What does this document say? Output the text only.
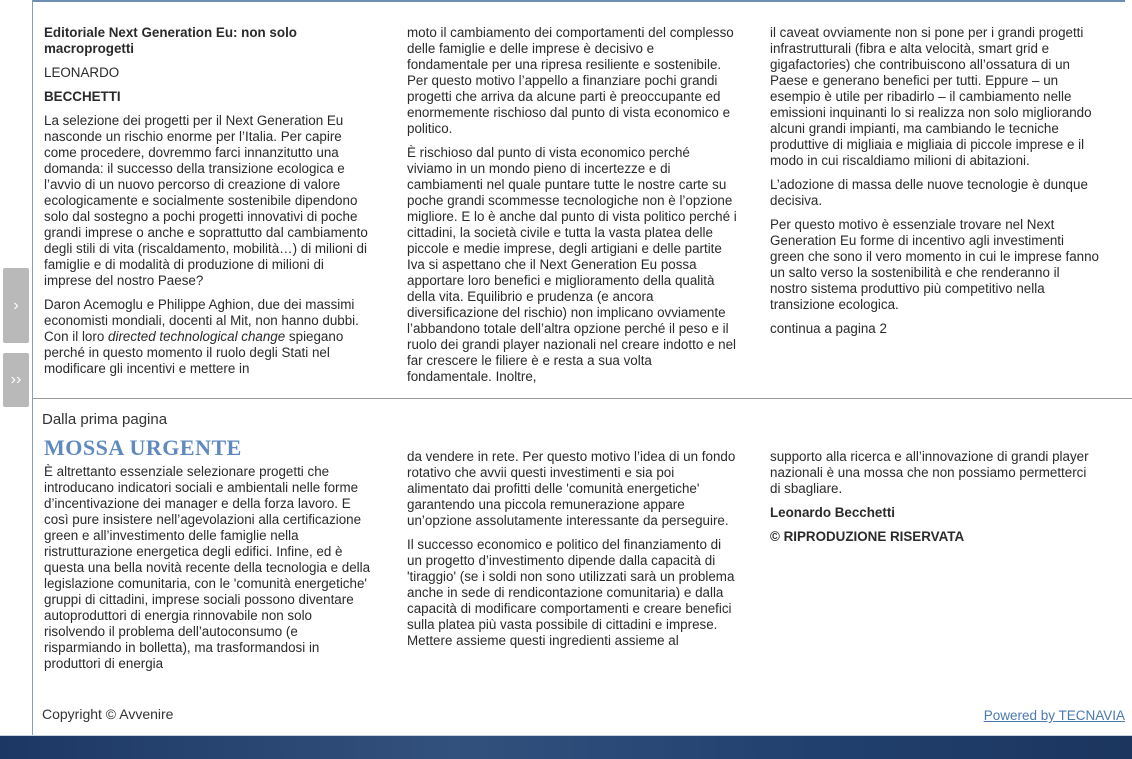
›
››

Editoriale Next Generation Eu: non solo macroprogetti

LEONARDO

BECCHETTI

La selezione dei progetti per il Next Generation Eu nasconde un rischio enorme per l’Italia. Per capire come procedere, dovremmo farci innanzitutto una domanda: il successo della transizione ecologica e l’avvio di un nuovo percorso di creazione di valore ecologicamente e socialmente sostenibile dipendono solo dal sostegno a pochi progetti innovativi di poche grandi imprese o anche e soprattutto dal cambiamento degli stili di vita (riscaldamento, mobilità…) di milioni di famiglie e di modalità di produzione di milioni di imprese del nostro Paese?

Daron Acemoglu e Philippe Aghion, due dei massimi economisti mondiali, docenti al Mit, non hanno dubbi. Con il loro directed technological change spiegano perché in questo momento il ruolo degli Stati nel modificare gli incentivi e mettere in

moto il cambiamento dei comportamenti del complesso delle famiglie e delle imprese è decisivo e fondamentale per una ripresa resiliente e sostenibile. Per questo motivo l’appello a finanziare pochi grandi progetti che arriva da alcune parti è preoccupante ed enormemente rischioso dal punto di vista economico e politico.

È rischioso dal punto di vista economico perché viviamo in un mondo pieno di incertezze e di cambiamenti nel quale puntare tutte le nostre carte su poche grandi scommesse tecnologiche non è l’opzione migliore. E lo è anche dal punto di vista politico perché i cittadini, la società civile e tutta la vasta platea delle piccole e medie imprese, degli artigiani e delle partite Iva si aspettano che il Next Generation Eu possa apportare loro benefici e miglioramento della qualità della vita. Equilibrio e prudenza (e ancora diversificazione del rischio) non implicano ovviamente l’abbandono totale dell’altra opzione perché il peso e il ruolo dei grandi player nazionali nel creare indotto e nel far crescere le filiere è e resta a sua volta fondamentale. Inoltre,

il caveat ovviamente non si pone per i grandi progetti infrastrutturali (fibra e alta velocità, smart grid e gigafactories) che contribuiscono all’ossatura di un Paese e generano benefici per tutti. Eppure – un esempio è utile per ribadirlo – il cambiamento nelle emissioni inquinanti lo si realizza non solo migliorando alcuni grandi impianti, ma cambiando le tecniche produttive di migliaia e migliaia di piccole imprese e il modo in cui riscaldiamo milioni di abitazioni.

L’adozione di massa delle nuove tecnologie è dunque decisiva.

Per questo motivo è essenziale trovare nel Next Generation Eu forme di incentivo agli investimenti green che sono il vero momento in cui le imprese fanno un salto verso la sostenibilità e che renderanno il nostro sistema produttivo più competitivo nella transizione ecologica.

continua a pagina 2

Dalla prima pagina

MOSSA URGENTE

È altrettanto essenziale selezionare progetti che introducano indicatori sociali e ambientali nelle forme d’incentivazione dei manager e della forza lavoro. E così pure insistere nell’agevolazioni alla certificazione green e all’investimento delle famiglie nella ristrutturazione energetica degli edifici. Infine, ed è questa una bella novità recente della tecnologia e della legislazione comunitaria, con le 'comunità energetiche' gruppi di cittadini, imprese sociali possono diventare autoproduttori di energia rinnovabile non solo risolvendo il problema dell’autoconsumo (e risparmiando in bolletta), ma trasformandosi in produttori di energia

da vendere in rete. Per questo motivo l’idea di un fondo rotativo che avvii questi investimenti e sia poi alimentato dai profitti delle 'comunità energetiche' garantendo una piccola remunerazione appare un’opzione assolutamente interessante da perseguire.

Il successo economico e politico del finanziamento di un progetto d’investimento dipende dalla capacità di 'tiraggio' (se i soldi non sono utilizzati sarà un problema anche in sede di rendicontazione comunitaria) e dalla capacità di modificare comportamenti e creare benefici sulla platea più vasta possibile di cittadini e imprese. Mettere assieme questi ingredienti assieme al

supporto alla ricerca e all’innovazione di grandi player nazionali è una mossa che non possiamo permetterci di sbagliare.

Leonardo Becchetti

© RIPRODUZIONE RISERVATA

Copyright © Avvenire	Powered by TECNAVIA
